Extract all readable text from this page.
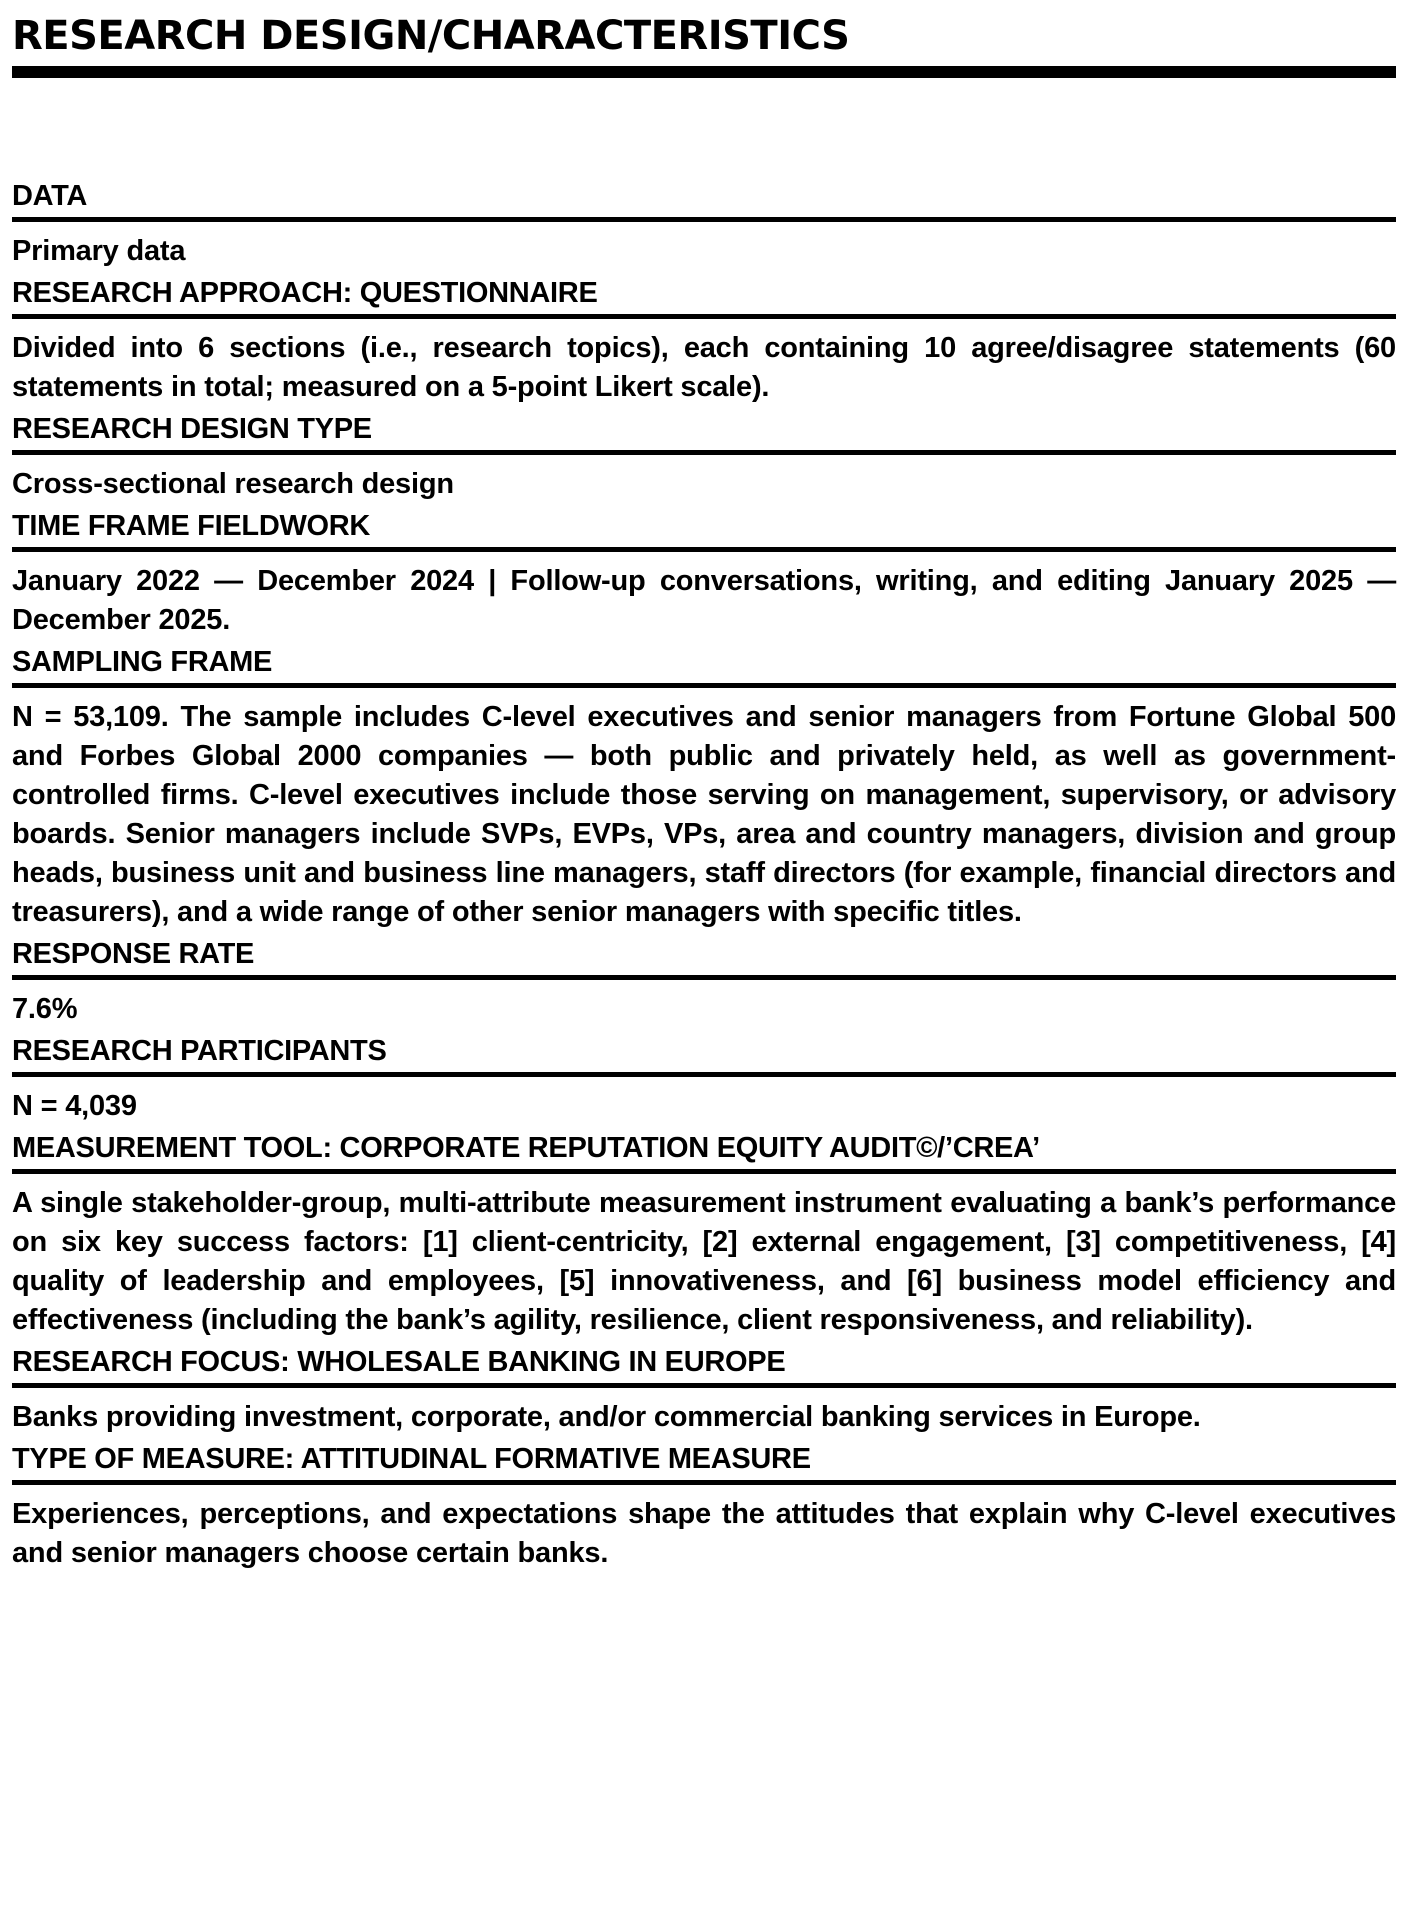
RESEARCH DESIGN/CHARACTERISTICS
DATA
Primary data
RESEARCH APPROACH: QUESTIONNAIRE
Divided into 6 sections (i.e., research topics), each containing 10 agree/disagree statements (60 statements in total; measured on a 5-point Likert scale).
RESEARCH DESIGN TYPE
Cross-sectional research design
TIME FRAME FIELDWORK
January 2022 — December 2024 | Follow-up conversations, writing, and editing January 2025 — December 2025.
SAMPLING FRAME
N = 53,109. The sample includes C-level executives and senior managers from Fortune Global 500 and Forbes Global 2000 companies — both public and privately held, as well as government-controlled firms. C-level executives include those serving on management, supervisory, or advisory boards. Senior managers include SVPs, EVPs, VPs, area and country managers, division and group heads, business unit and business line managers, staff directors (for example, financial directors and treasurers), and a wide range of other senior managers with specific titles.
RESPONSE RATE
7.6%
RESEARCH PARTICIPANTS
N = 4,039
MEASUREMENT TOOL: CORPORATE REPUTATION EQUITY AUDIT©/’CREA’
A single stakeholder-group, multi-attribute measurement instrument evaluating a bank’s performance on six key success factors: [1] client-centricity, [2] external engagement, [3] competitiveness, [4] quality of leadership and employees, [5] innovativeness, and [6] business model efficiency and effectiveness (including the bank’s agility, resilience, client responsiveness, and reliability).
RESEARCH FOCUS: WHOLESALE BANKING IN EUROPE
Banks providing investment, corporate, and/or commercial banking services in Europe.
TYPE OF MEASURE: ATTITUDINAL FORMATIVE MEASURE
Experiences, perceptions, and expectations shape the attitudes that explain why C-level executives and senior managers choose certain banks.
